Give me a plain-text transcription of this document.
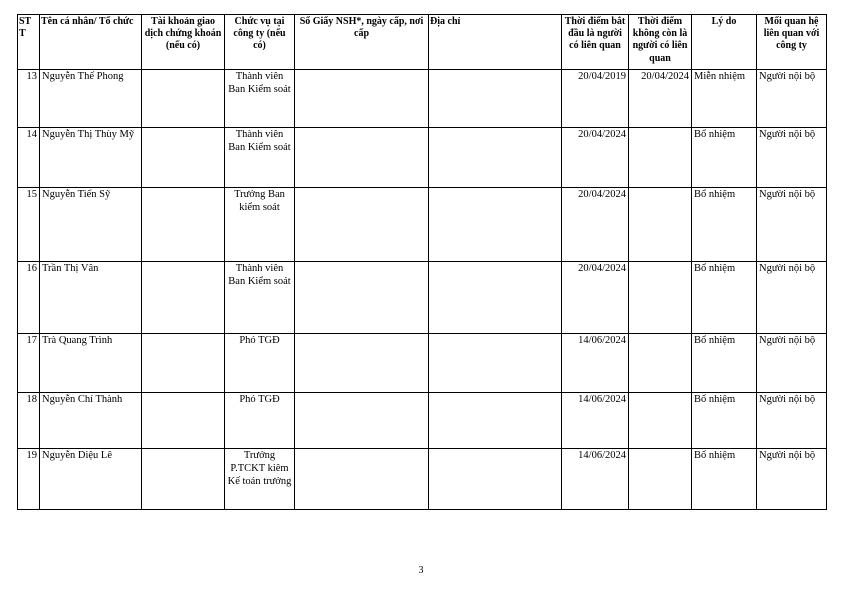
ST T	Tên cá nhân/ Tổ chức	Tài khoản giao dịch chứng khoán (nếu có)	Chức vụ tại công ty (nếu có)	Số Giấy NSH*, ngày cấp, nơi cấp	Địa chỉ	Thời điểm bắt đầu là người có liên quan	Thời điểm không còn là người có liên quan	Lý do	Mối quan hệ liên quan với công ty
13	Nguyễn Thế Phong		Thành viên Ban Kiểm soát			20/04/2019	20/04/2024	Miễn nhiệm	Người nội bộ
14	Nguyễn Thị Thùy Mỹ		Thành viên Ban Kiểm soát			20/04/2024		Bổ nhiệm	Người nội bộ
15	Nguyễn Tiến Sỹ		Trưởng Ban kiểm soát			20/04/2024		Bổ nhiệm	Người nội bộ
16	Trần Thị Vân		Thành viên Ban Kiểm soát			20/04/2024		Bổ nhiệm	Người nội bộ
17	Trà Quang Trình		Phó TGĐ			14/06/2024		Bổ nhiệm	Người nội bộ
18	Nguyễn Chí Thành		Phó TGĐ			14/06/2024		Bổ nhiệm	Người nội bộ
19	Nguyễn Diệu Lê		Trưởng P.TCKT kiêm Kế toán trưởng			14/06/2024		Bổ nhiệm	Người nội bộ
3
